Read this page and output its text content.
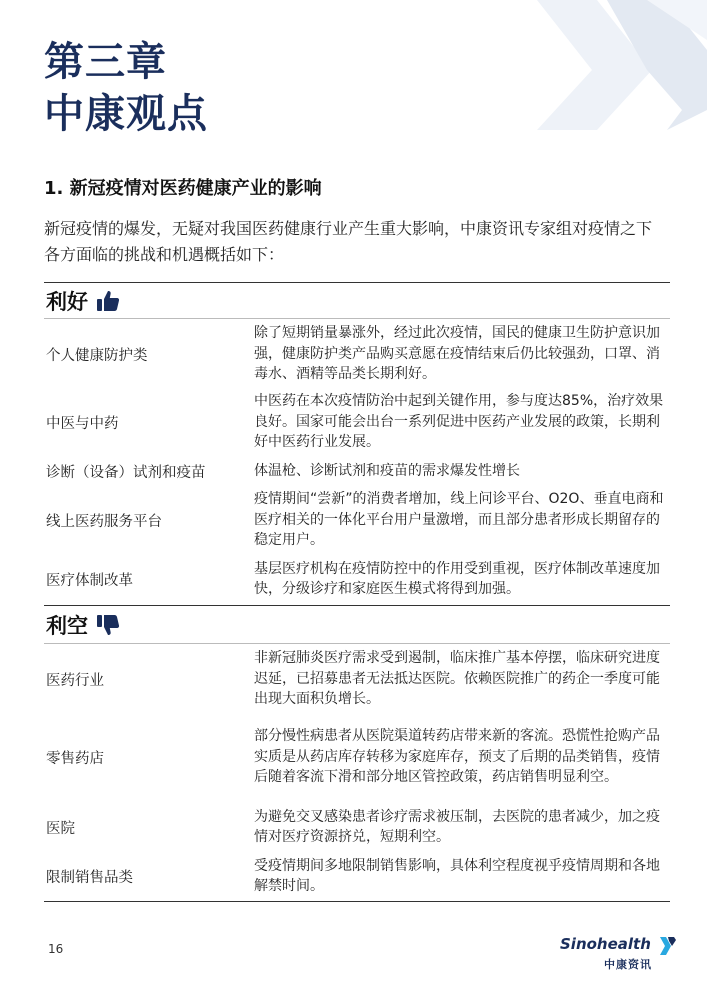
第三章
中康观点
1. 新冠疫情对医药健康产业的影响
新冠疫情的爆发，无疑对我国医药健康行业产生重大影响，中康资讯专家组对疫情之下各方面临的挑战和机遇概括如下：
利好
个人健康防护类
除了短期销量暴涨外，经过此次疫情，国民的健康卫生防护意识加强，健康防护类产品购买意愿在疫情结束后仍比较强劲，口罩、消毒水、酒精等品类长期利好。
中医与中药
中医药在本次疫情防治中起到关键作用，参与度达85%，治疗效果良好。国家可能会出台一系列促进中医药产业发展的政策，长期利好中医药行业发展。
诊断（设备）试剂和疫苗	体温枪、诊断试剂和疫苗的需求爆发性增长
线上医药服务平台
疫情期间“尝新”的消费者增加，线上问诊平台、O2O、垂直电商和医疗相关的一体化平台用户量激增，而且部分患者形成长期留存的稳定用户。
医疗体制改革
基层医疗机构在疫情防控中的作用受到重视，医疗体制改革速度加快，分级诊疗和家庭医生模式将得到加强。
利空
医药行业
非新冠肺炎医疗需求受到遏制，临床推广基本停摆，临床研究进度迟延，已招募患者无法抵达医院。依赖医院推广的药企一季度可能出现大面积负增长。
零售药店
部分慢性病患者从医院渠道转药店带来新的客流。恐慌性抢购产品实质是从药店库存转移为家庭库存，预支了后期的品类销售，疫情后随着客流下滑和部分地区管控政策，药店销售明显利空。
医院
为避免交叉感染患者诊疗需求被压制，去医院的患者减少，加之疫情对医疗资源挤兑，短期利空。
限制销售品类
受疫情期间多地限制销售影响，具体利空程度视乎疫情周期和各地解禁时间。
16	Sinohealth
中康资讯
